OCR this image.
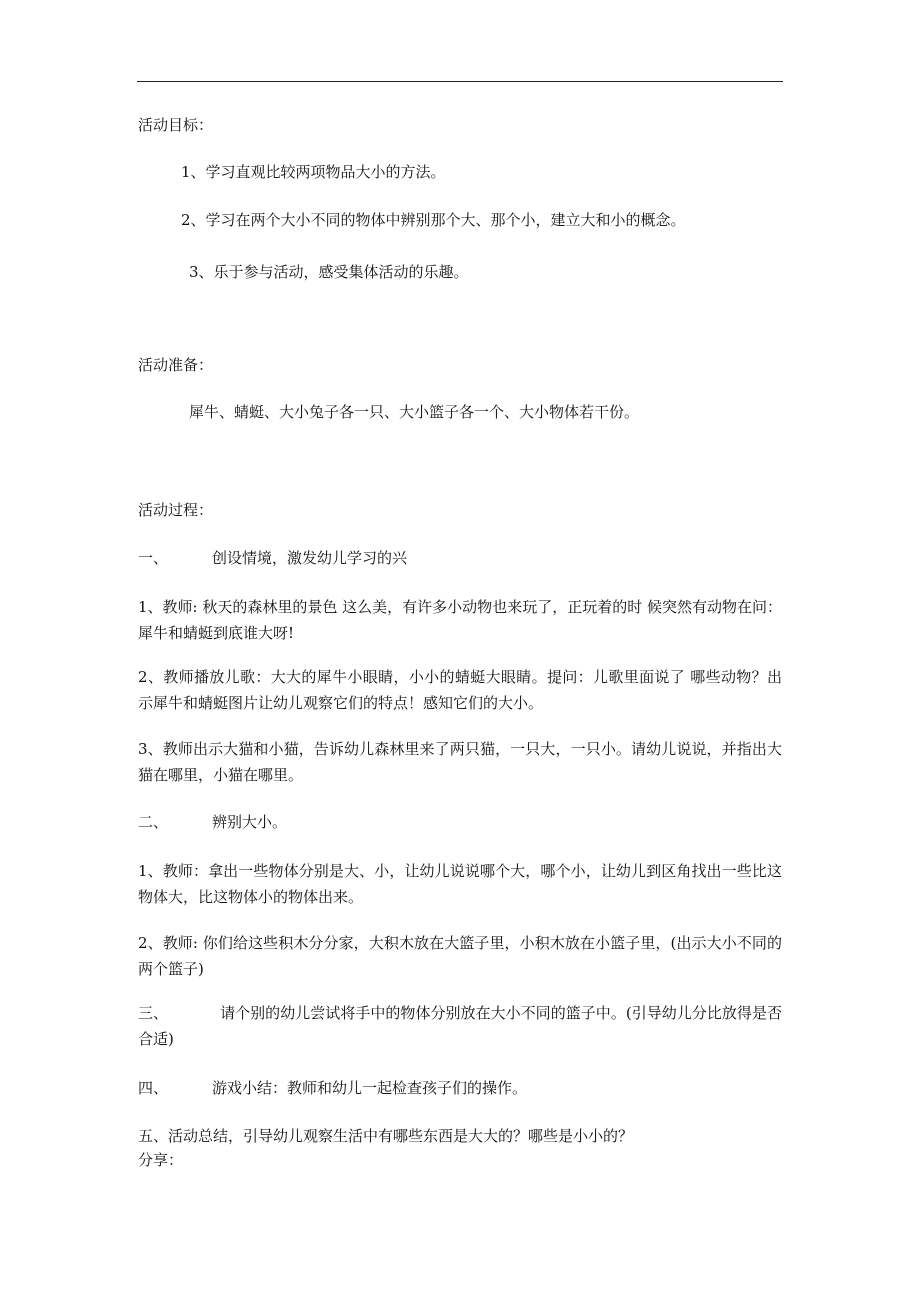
活动目标：
1、学习直观比较两项物品大小的方法。
2、学习在两个大小不同的物体中辨别那个大、那个小，建立大和小的概念。
3、乐于参与活动，感受集体活动的乐趣。
活动准备：
犀牛、蜻蜓、大小兔子各一只、大小篮子各一个、大小物体若干份。
活动过程：
一、	创设情境，激发幼儿学习的兴
1、教师: 秋天的森林里的景色 这么美，有许多小动物也来玩了，正玩着的时 候突然有动物在问：犀牛和蜻蜓到底谁大呀!
2、教师播放儿歌：大大的犀牛小眼睛，小小的蜻蜓大眼睛。提问：儿歌里面说了 哪些动物？出示犀牛和蜻蜓图片让幼儿观察它们的特点！感知它们的大小。
3、教师出示大猫和小猫，告诉幼儿森林里来了两只猫，一只大，一只小。请幼儿说说，并指出大猫在哪里，小猫在哪里。
二、	辨别大小。
1、教师：拿出一些物体分别是大、小，让幼儿说说哪个大，哪个小，让幼儿到区角找出一些比这物体大，比这物体小的物体出来。
2、教师: 你们给这些积木分分家，大积木放在大篮子里，小积木放在小篮子里，(出示大小不同的两个篮子)
三、	请个别的幼儿尝试将手中的物体分别放在大小不同的篮子中。(引导幼儿分比放得是否合适)
四、	游戏小结：教师和幼儿一起检查孩子们的操作。
五、活动总结，引导幼儿观察生活中有哪些东西是大大的？哪些是小小的？
分享：
